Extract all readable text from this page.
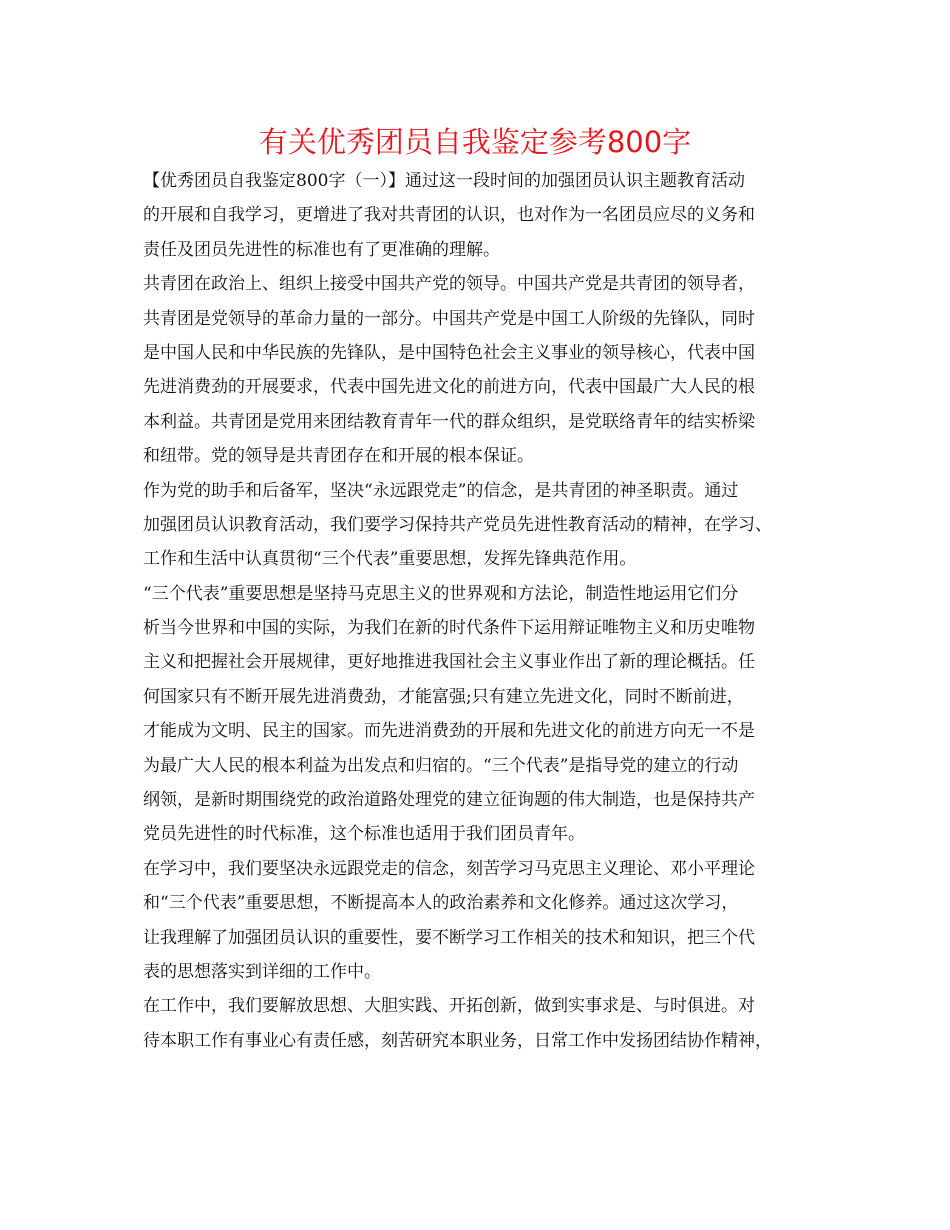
有关优秀团员自我鉴定参考800字
【优秀团员自我鉴定800字（一）】通过这一段时间的加强团员认识主题教育活动
的开展和自我学习，更增进了我对共青团的认识，也对作为一名团员应尽的义务和
责任及团员先进性的标准也有了更准确的理解。
共青团在政治上、组织上接受中国共产党的领导。中国共产党是共青团的领导者，
共青团是党领导的革命力量的一部分。中国共产党是中国工人阶级的先锋队，同时
是中国人民和中华民族的先锋队，是中国特色社会主义事业的领导核心，代表中国
先进消费劲的开展要求，代表中国先进文化的前进方向，代表中国最广大人民的根
本利益。共青团是党用来团结教育青年一代的群众组织，是党联络青年的结实桥梁
和纽带。党的领导是共青团存在和开展的根本保证。
作为党的助手和后备军，坚决“永远跟党走”的信念，是共青团的神圣职责。通过
加强团员认识教育活动，我们要学习保持共产党员先进性教育活动的精神，在学习、
工作和生活中认真贯彻“三个代表”重要思想，发挥先锋典范作用。
“三个代表”重要思想是坚持马克思主义的世界观和方法论，制造性地运用它们分
析当今世界和中国的实际，为我们在新的时代条件下运用辩证唯物主义和历史唯物
主义和把握社会开展规律，更好地推进我国社会主义事业作出了新的理论概括。任
何国家只有不断开展先进消费劲，才能富强;只有建立先进文化，同时不断前进，
才能成为文明、民主的国家。而先进消费劲的开展和先进文化的前进方向无一不是
为最广大人民的根本利益为出发点和归宿的。“三个代表”是指导党的建立的行动
纲领，是新时期围绕党的政治道路处理党的建立征询题的伟大制造，也是保持共产
党员先进性的时代标准，这个标准也适用于我们团员青年。
在学习中，我们要坚决永远跟党走的信念，刻苦学习马克思主义理论、邓小平理论
和“三个代表”重要思想，不断提高本人的政治素养和文化修养。通过这次学习，
让我理解了加强团员认识的重要性，要不断学习工作相关的技术和知识，把三个代
表的思想落实到详细的工作中。
在工作中，我们要解放思想、大胆实践、开拓创新，做到实事求是、与时俱进。对
待本职工作有事业心有责任感，刻苦研究本职业务，日常工作中发扬团结协作精神，
